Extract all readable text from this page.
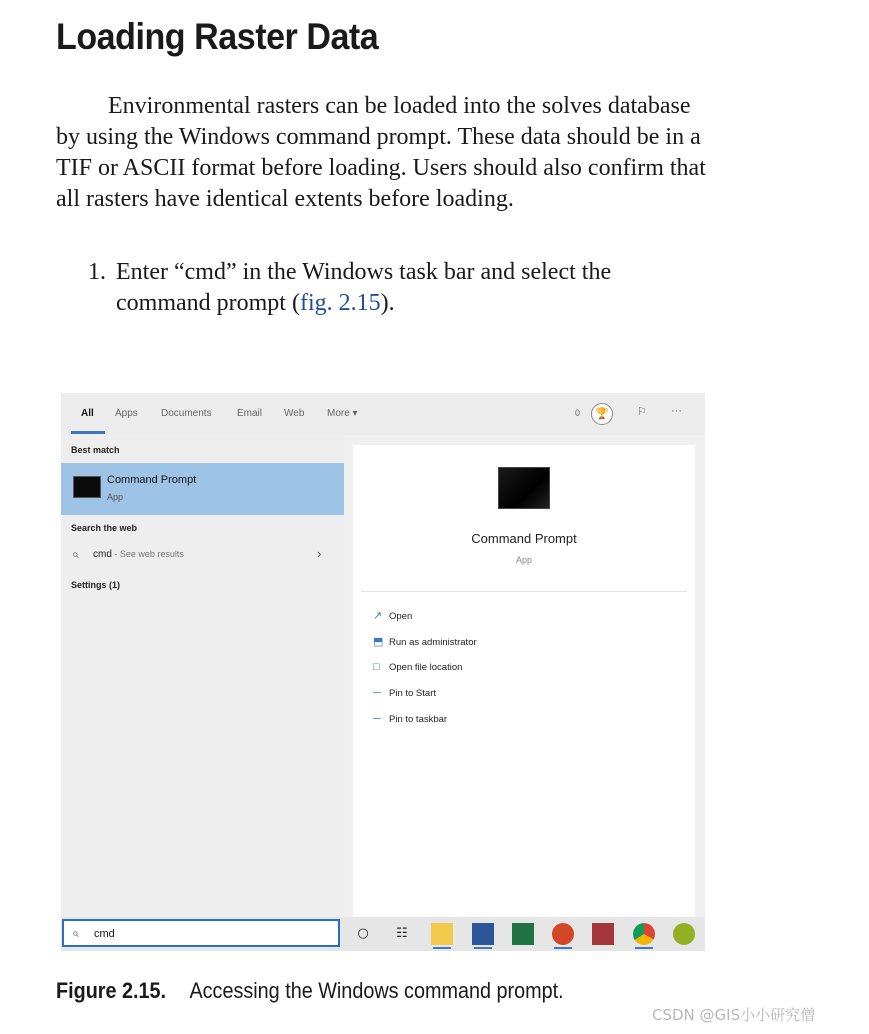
Loading Raster Data

Environmental rasters can be loaded into the solves database by using the Windows command prompt. These data should be in a TIF or ASCII format before loading. Users should also confirm that all rasters have identical extents before loading.

1. Enter “cmd” in the Windows task bar and select the command prompt (fig. 2.15).
All Apps Documents	Email Web More ▾	0	🏆	⚐ ···
Best match
Command Prompt
App
Search the web
⌕ cmd - See web results	›
Settings (1)
Command Prompt
App
↗ Open
⬒ Run as administrator
□ Open file location
─ Pin to Start
─ Pin to taskbar
⌕ cmd	○	☷

Figure 2.15. Accessing the Windows command prompt.

CSDN @GIS小小研究僧
